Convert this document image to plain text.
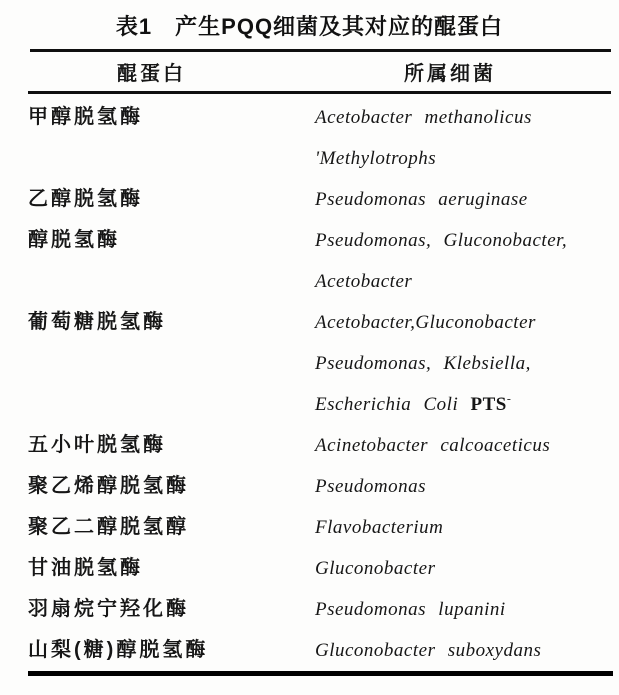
表1　产生PQQ细菌及其对应的醌蛋白
醌蛋白	所属细菌
甲醇脱氢酶	Acetobacter methanolicus
'Methylotrophs
乙醇脱氢酶	Pseudomonas aeruginase
醇脱氢酶	Pseudomonas, Gluconobacter,
Acetobacter
葡萄糖脱氢酶	Acetobacter,Gluconobacter
Pseudomonas, Klebsiella,
Escherichia Coli PTS-
五小叶脱氢酶	Acinetobacter calcoaceticus
聚乙烯醇脱氢酶	Pseudomonas
聚乙二醇脱氢醇	Flavobacterium
甘油脱氢酶	Gluconobacter
羽扇烷宁羟化酶	Pseudomonas lupanini
山梨(糖)醇脱氢酶	Gluconobacter suboxydans
